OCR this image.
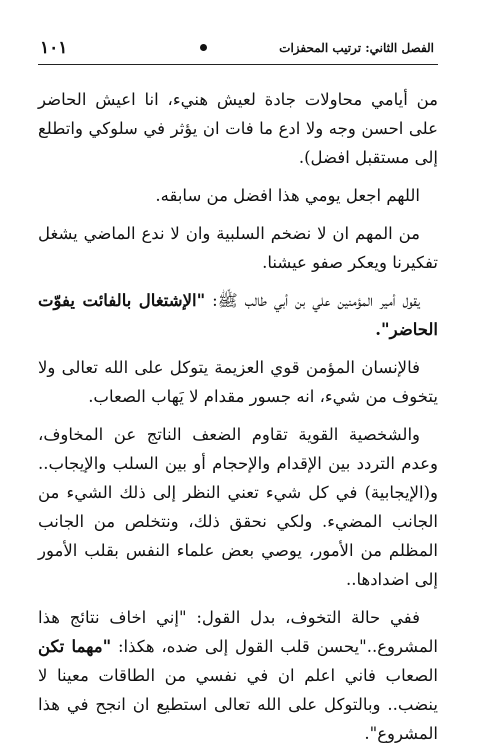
١٠١	الفصل الثاني: ترتيب المحفزات

من أيامي محاولات جادة لعيش هنيء، انا اعيش الحاضر على احسن وجه ولا ادع ما فات ان يؤثر في سلوكي واتطلع إلى مستقبل افضل).

اللهم اجعل يومي هذا افضل من سابقه.

من المهم ان لا نضخم السلبية وان لا ندع الماضي يشغل تفكيرنا ويعكر صفو عيشنا.

يقول أمير المؤمنين علي بن أبي طالب ﷺ: "الإشتغال بالفائت يفوّت الحاضر".

فالإنسان المؤمن قوي العزيمة يتوكل على الله تعالى ولا يتخوف من شيء، انه جسور مقدام لا يَهاب الصعاب.

والشخصية القوية تقاوم الضعف الناتج عن المخاوف، وعدم التردد بين الإقدام والإحجام أو بين السلب والإيجاب.. و(الإيجابية) في كل شيء تعني النظر إلى ذلك الشيء من الجانب المضيء. ولكي نحقق ذلك، ونتخلص من الجانب المظلم من الأمور، يوصي بعض علماء النفس بقلب الأمور إلى اضدادها..

ففي حالة التخوف، بدل القول: "إني اخاف نتائج هذا المشروع.."يحسن قلب القول إلى ضده، هكذا: "مهما تكن الصعاب فاني اعلم ان في نفسي من الطاقات معينا لا ينضب.. وبالتوكل على الله تعالى استطيع ان انجح في هذا المشروع".
